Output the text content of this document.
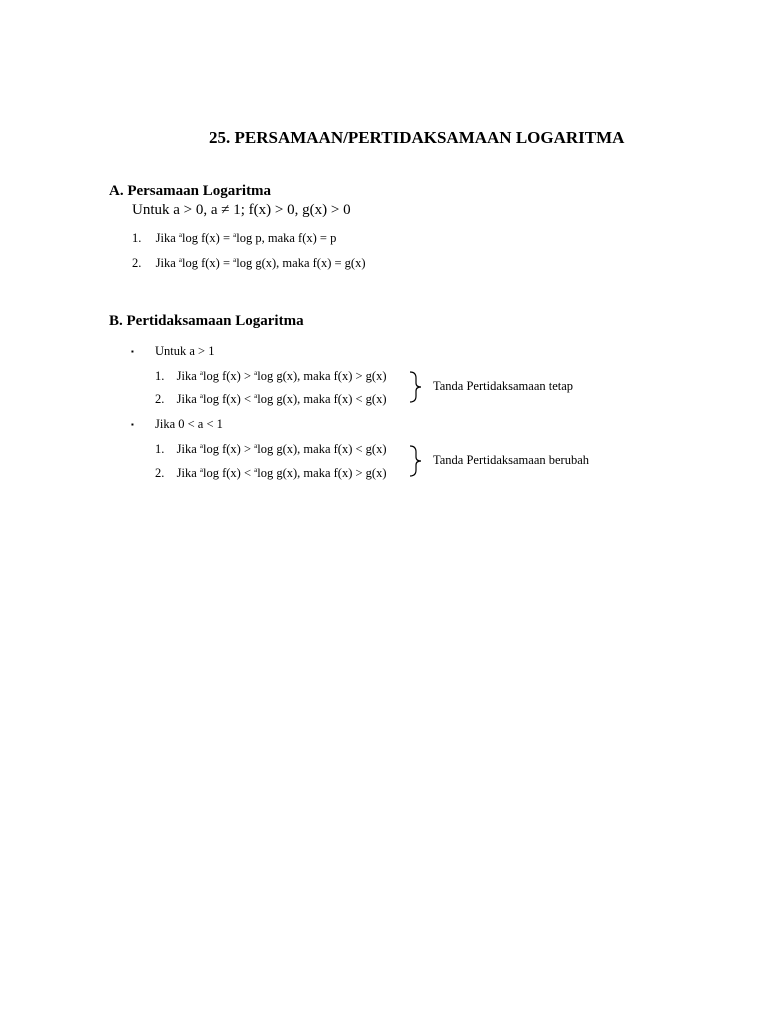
25. PERSAMAAN/PERTIDAKSAMAAN LOGARITMA
A. Persamaan Logaritma
Untuk a > 0, a ≠ 1; f(x) > 0, g(x) > 0
1. Jika $^a$log f(x) = $^a$log p, maka f(x) = p
2. Jika $^a$log f(x) = $^a$log g(x), maka f(x) = g(x)
B. Pertidaksamaan Logaritma
▪ Untuk a > 1
1. Jika $^a$log f(x) > $^a$log g(x), maka f(x) > g(x)
2. Jika $^a$log f(x) < $^a$log g(x), maka f(x) < g(x)
Tanda Pertidaksamaan tetap
▪ Jika 0 < a < 1
1. Jika $^a$log f(x) > $^a$log g(x), maka f(x) < g(x)
2. Jika $^a$log f(x) < $^a$log g(x), maka f(x) > g(x)
Tanda Pertidaksamaan berubah
